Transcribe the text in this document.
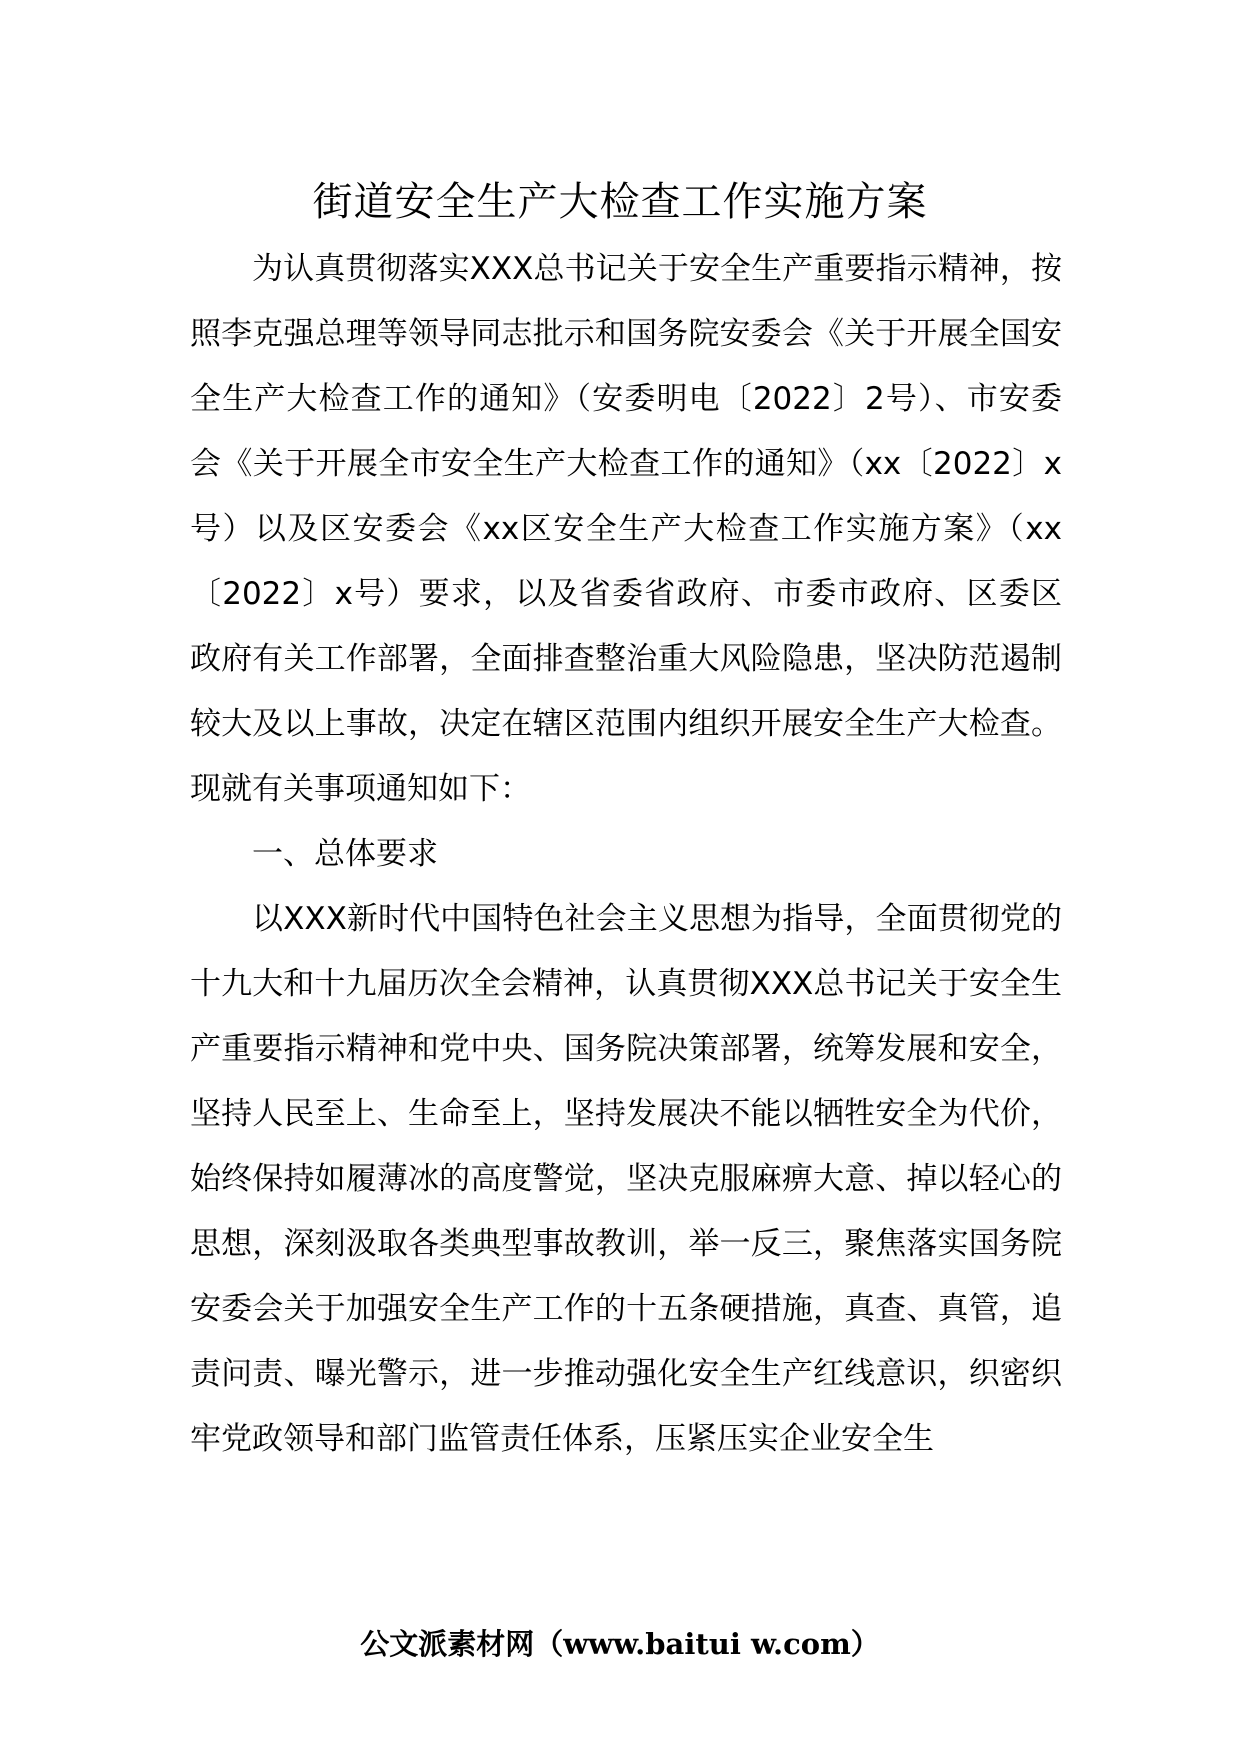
街道安全生产大检查工作实施方案

为认真贯彻落实XXX总书记关于安全生产重要指示精神，按照李克强总理等领导同志批示和国务院安委会《关于开展全国安全生产大检查工作的通知》（安委明电〔2022〕2号）、市安委会《关于开展全市安全生产大检查工作的通知》（xx〔2022〕x号）以及区安委会《xx区安全生产大检查工作实施方案》（xx〔2022〕x号）要求，以及省委省政府、市委市政府、区委区政府有关工作部署，全面排查整治重大风险隐患，坚决防范遏制较大及以上事故，决定在辖区范围内组织开展安全生产大检查。现就有关事项通知如下：

一、总体要求

以XXX新时代中国特色社会主义思想为指导，全面贯彻党的十九大和十九届历次全会精神，认真贯彻XXX总书记关于安全生产重要指示精神和党中央、国务院决策部署，统筹发展和安全，坚持人民至上、生命至上，坚持发展决不能以牺牲安全为代价，始终保持如履薄冰的高度警觉，坚决克服麻痹大意、掉以轻心的思想，深刻汲取各类典型事故教训，举一反三，聚焦落实国务院安委会关于加强安全生产工作的十五条硬措施，真查、真管，追责问责、曝光警示，进一步推动强化安全生产红线意识，织密织牢党政领导和部门监管责任体系，压紧压实企业安全生

公文派素材网（www.baitui w.com）
